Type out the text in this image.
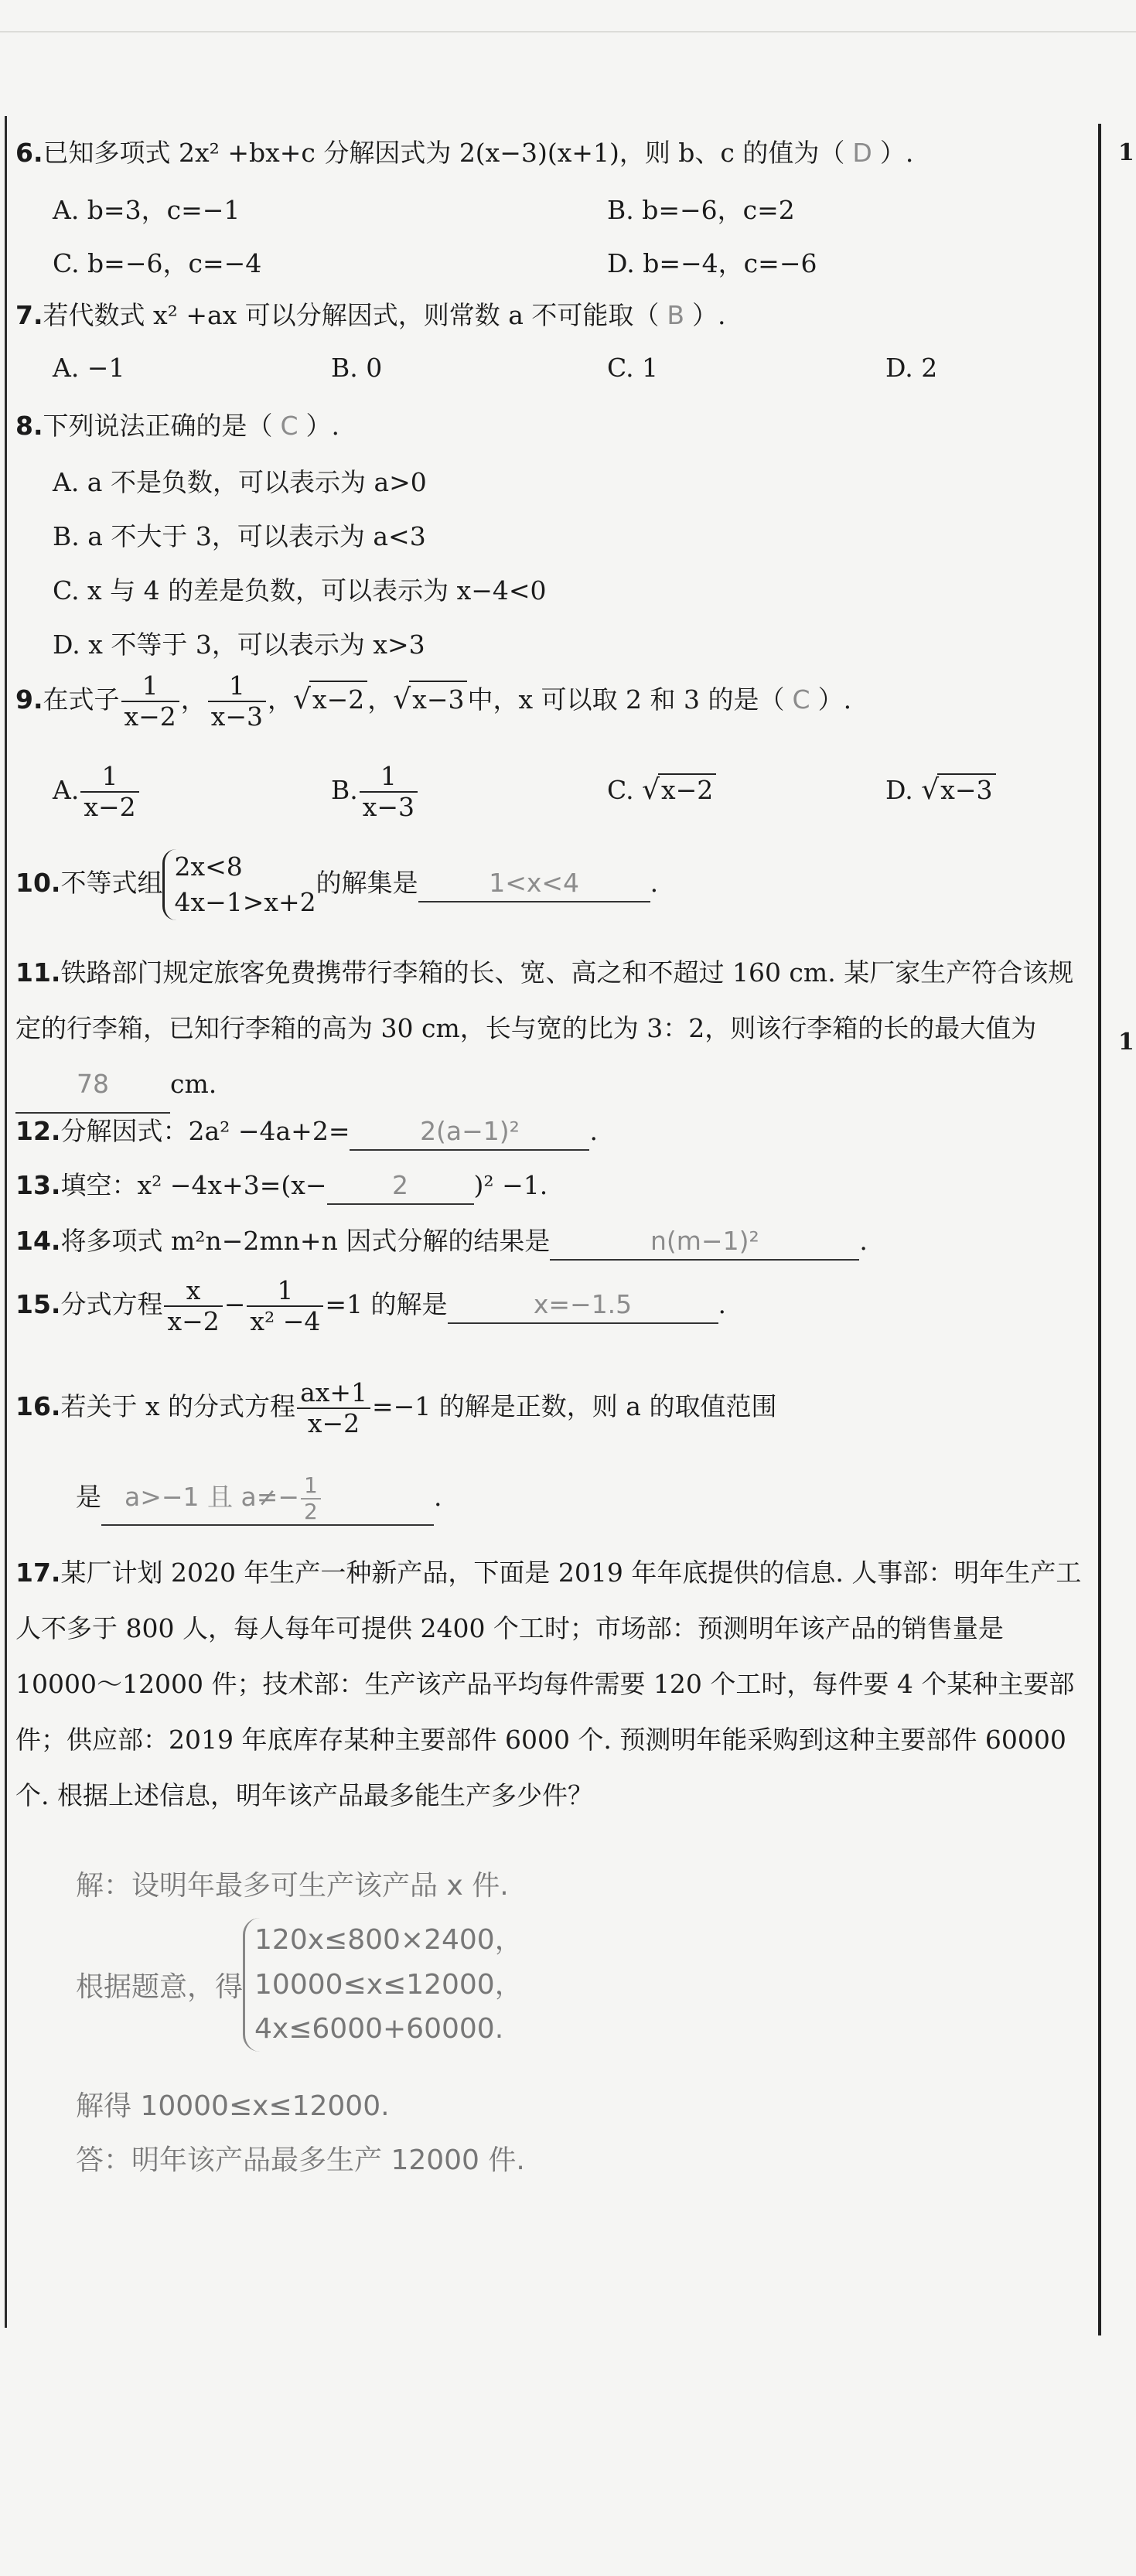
1
1
6.已知多项式 2x² +bx+c 分解因式为 2(x−3)(x+1)，则 b、c 的值为（ D ）.
A. b=3，c=−1	B. b=−6，c=2
C. b=−6，c=−4	D. b=−4，c=−6
7.若代数式 x² +ax 可以分解因式，则常数 a 不可能取（ B ）.
A. −1	B. 0	C. 1	D. 2
8.下列说法正确的是（ C ）.
A. a 不是负数，可以表示为 a>0
B. a 不大于 3，可以表示为 a<3
C. x 与 4 的差是负数，可以表示为 x−4<0
D. x 不等于 3，可以表示为 x>3
9.在式子 $\frac{1}{x-2}$ ， $\frac{1}{x-3}$ ，√x−2 ，√x−3 中，x 可以取 2 和 3 的是（ C ）.
A. $\frac{1}{x-2}$	B. $\frac{1}{x-3}$	C. √x−2	D. √x−3
10.不等式组
2x<8
4x−1>x+2
的解集是	1<x<4	.
11.铁路部门规定旅客免费携带行李箱的长、宽、高之和不超过 160 cm. 某厂家生产符合该规定的行李箱，已知行李箱的高为 30 cm，长与宽的比为 3：2，则该行李箱的长的最大值为78 cm.
12.分解因式：2a² −4a+2=	2(a−1)²	.
13.填空：x² −4x+3=(x−	2	)² −1.
14.将多项式 m²n−2mn+n 因式分解的结果是	n(m−1)²	.
15.分式方程 $\frac{x}{x-2} - \frac{1}{\text{x² −4}} =1$ 的解是	x=−1.5	.
16.若关于 x 的分式方程 $\frac{ax+1}{x-2} =-1$ 的解是正数，则 a 的取值范围
是 a>−1 且 $a\ne- \frac{1}{2}$	.
17.某厂计划 2020 年生产一种新产品，下面是 2019 年年底提供的信息. 人事部：明年生产工人不多于 800 人，每人每年可提供 2400 个工时；市场部：预测明年该产品的销售量是 10000～12000 件；技术部：生产该产品平均每件需要 120 个工时，每件要 4 个某种主要部件；供应部：2019 年底库存某种主要部件 6000 个. 预测明年能采购到这种主要部件 60000 个. 根据上述信息，明年该产品最多能生产多少件？
解：设明年最多可生产该产品 x 件.
根据题意，得
120x≤800×2400，
10000≤x≤12000，
4x≤6000+60000.
解得 10000≤x≤12000.
答：明年该产品最多生产 12000 件.
